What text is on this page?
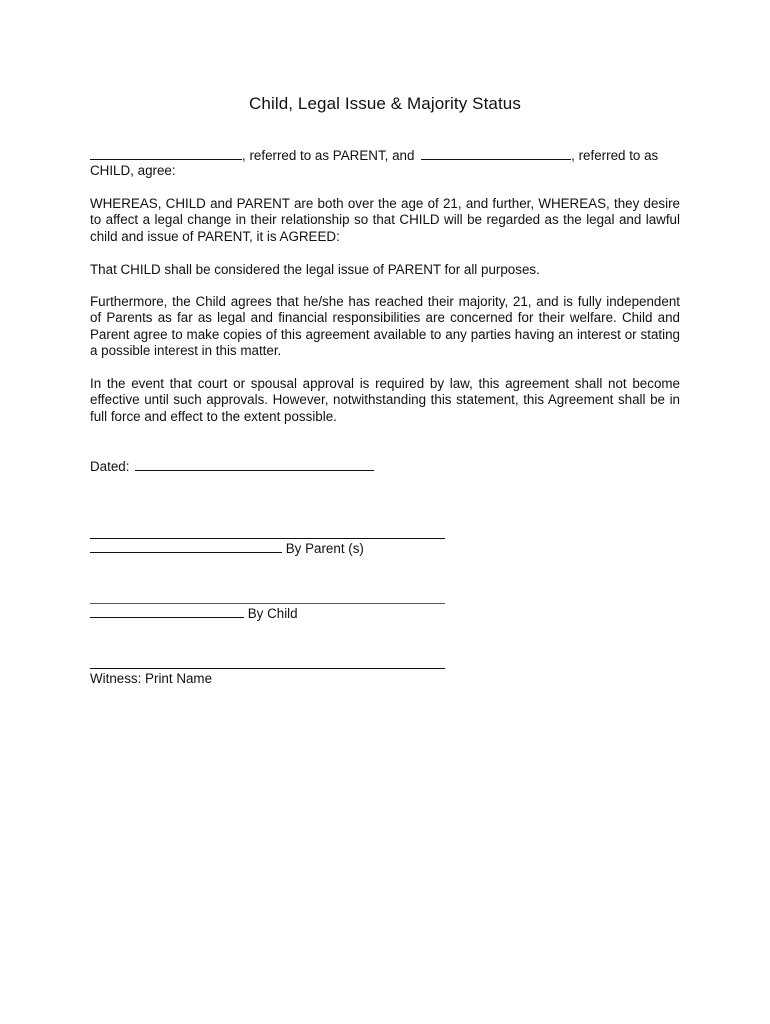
Child, Legal Issue & Majority Status
, referred to as PARENT, and	, referred to as
CHILD, agree:
WHEREAS, CHILD and PARENT are both over the age of 21, and further, WHEREAS, they desire to affect a legal change in their relationship so that CHILD will be regarded as the legal and lawful child and issue of PARENT, it is AGREED:
That CHILD shall be considered the legal issue of PARENT for all purposes.
Furthermore, the Child agrees that he/she has reached their majority, 21, and is fully independent of Parents as far as legal and financial responsibilities are concerned for their welfare. Child and Parent agree to make copies of this agreement available to any parties having an interest or stating a possible interest in this matter.
In the event that court or spousal approval is required by law, this agreement shall not become effective until such approvals. However, notwithstanding this statement, this Agreement shall be in full force and effect to the extent possible.
Dated:
By Parent (s)
By Child
Witness: Print Name
